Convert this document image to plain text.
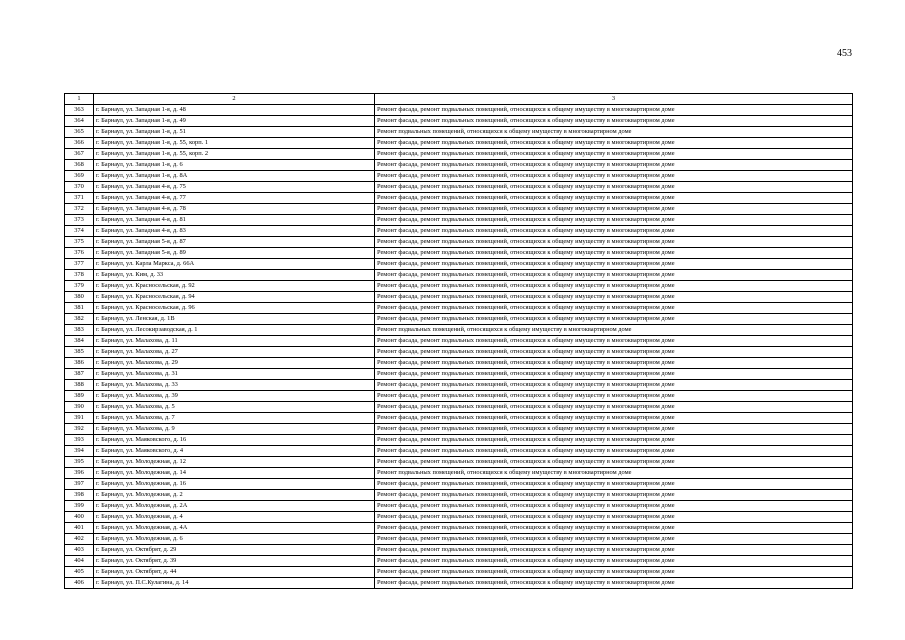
453
1	2	3
363	г. Барнаул, ул. Западная 1-я, д. 48	Ремонт фасада, ремонт подвальных помещений, относящихся к общему имуществу в многоквартирном доме
364	г. Барнаул, ул. Западная 1-я, д. 49	Ремонт фасада, ремонт подвальных помещений, относящихся к общему имуществу в многоквартирном доме
365	г. Барнаул, ул. Западная 1-я, д. 51	Ремонт подвальных помещений, относящихся к общему имуществу в многоквартирном доме
366	г. Барнаул, ул. Западная 1-я, д. 55, корп. 1	Ремонт фасада, ремонт подвальных помещений, относящихся к общему имуществу в многоквартирном доме
367	г. Барнаул, ул. Западная 1-я, д. 55, корп. 2	Ремонт фасада, ремонт подвальных помещений, относящихся к общему имуществу в многоквартирном доме
368	г. Барнаул, ул. Западная 1-я, д. 6	Ремонт фасада, ремонт подвальных помещений, относящихся к общему имуществу в многоквартирном доме
369	г. Барнаул, ул. Западная 1-я, д. 8А	Ремонт фасада, ремонт подвальных помещений, относящихся к общему имуществу в многоквартирном доме
370	г. Барнаул, ул. Западная 4-я, д. 75	Ремонт фасада, ремонт подвальных помещений, относящихся к общему имуществу в многоквартирном доме
371	г. Барнаул, ул. Западная 4-я, д. 77	Ремонт фасада, ремонт подвальных помещений, относящихся к общему имуществу в многоквартирном доме
372	г. Барнаул, ул. Западная 4-я, д. 78	Ремонт фасада, ремонт подвальных помещений, относящихся к общему имуществу в многоквартирном доме
373	г. Барнаул, ул. Западная 4-я, д. 81	Ремонт фасада, ремонт подвальных помещений, относящихся к общему имуществу в многоквартирном доме
374	г. Барнаул, ул. Западная 4-я, д. 83	Ремонт фасада, ремонт подвальных помещений, относящихся к общему имуществу в многоквартирном доме
375	г. Барнаул, ул. Западная 5-я, д. 87	Ремонт фасада, ремонт подвальных помещений, относящихся к общему имуществу в многоквартирном доме
376	г. Барнаул, ул. Западная 5-я, д. 89	Ремонт фасада, ремонт подвальных помещений, относящихся к общему имуществу в многоквартирном доме
377	г. Барнаул, ул. Карла Маркса, д. 66А	Ремонт фасада, ремонт подвальных помещений, относящихся к общему имуществу в многоквартирном доме
378	г. Барнаул, ул. Ким, д. 33	Ремонт фасада, ремонт подвальных помещений, относящихся к общему имуществу в многоквартирном доме
379	г. Барнаул, ул. Красносельская, д. 92	Ремонт фасада, ремонт подвальных помещений, относящихся к общему имуществу в многоквартирном доме
380	г. Барнаул, ул. Красносельская, д. 94	Ремонт фасада, ремонт подвальных помещений, относящихся к общему имуществу в многоквартирном доме
381	г. Барнаул, ул. Красносельская, д. 96	Ремонт фасада, ремонт подвальных помещений, относящихся к общему имуществу в многоквартирном доме
382	г. Барнаул, ул. Ленская, д. 1В	Ремонт фасада, ремонт подвальных помещений, относящихся к общему имуществу в многоквартирном доме
383	г. Барнаул, ул. Лесокирзаводская, д. 1	Ремонт подвальных помещений, относящихся к общему имуществу в многоквартирном доме
384	г. Барнаул, ул. Малахова, д. 11	Ремонт фасада, ремонт подвальных помещений, относящихся к общему имуществу в многоквартирном доме
385	г. Барнаул, ул. Малахова, д. 27	Ремонт фасада, ремонт подвальных помещений, относящихся к общему имуществу в многоквартирном доме
386	г. Барнаул, ул. Малахова, д. 29	Ремонт фасада, ремонт подвальных помещений, относящихся к общему имуществу в многоквартирном доме
387	г. Барнаул, ул. Малахова, д. 31	Ремонт фасада, ремонт подвальных помещений, относящихся к общему имуществу в многоквартирном доме
388	г. Барнаул, ул. Малахова, д. 33	Ремонт фасада, ремонт подвальных помещений, относящихся к общему имуществу в многоквартирном доме
389	г. Барнаул, ул. Малахова, д. 39	Ремонт фасада, ремонт подвальных помещений, относящихся к общему имуществу в многоквартирном доме
390	г. Барнаул, ул. Малахова, д. 5	Ремонт фасада, ремонт подвальных помещений, относящихся к общему имуществу в многоквартирном доме
391	г. Барнаул, ул. Малахова, д. 7	Ремонт фасада, ремонт подвальных помещений, относящихся к общему имуществу в многоквартирном доме
392	г. Барнаул, ул. Малахова, д. 9	Ремонт фасада, ремонт подвальных помещений, относящихся к общему имуществу в многоквартирном доме
393	г. Барнаул, ул. Маяковского, д. 16	Ремонт фасада, ремонт подвальных помещений, относящихся к общему имуществу в многоквартирном доме
394	г. Барнаул, ул. Маяковского, д. 4	Ремонт фасада, ремонт подвальных помещений, относящихся к общему имуществу в многоквартирном доме
395	г. Барнаул, ул. Молодежная, д. 12	Ремонт фасада, ремонт подвальных помещений, относящихся к общему имуществу в многоквартирном доме
396	г. Барнаул, ул. Молодежная, д. 14	Ремонт подвальных помещений, относящихся к общему имуществу в многоквартирном доме
397	г. Барнаул, ул. Молодежная, д. 16	Ремонт фасада, ремонт подвальных помещений, относящихся к общему имуществу в многоквартирном доме
398	г. Барнаул, ул. Молодежная, д. 2	Ремонт фасада, ремонт подвальных помещений, относящихся к общему имуществу в многоквартирном доме
399	г. Барнаул, ул. Молодежная, д. 2А	Ремонт фасада, ремонт подвальных помещений, относящихся к общему имуществу в многоквартирном доме
400	г. Барнаул, ул. Молодежная, д. 4	Ремонт фасада, ремонт подвальных помещений, относящихся к общему имуществу в многоквартирном доме
401	г. Барнаул, ул. Молодежная, д. 4А	Ремонт фасада, ремонт подвальных помещений, относящихся к общему имуществу в многоквартирном доме
402	г. Барнаул, ул. Молодежная, д. 6	Ремонт фасада, ремонт подвальных помещений, относящихся к общему имуществу в многоквартирном доме
403	г. Барнаул, ул. Октябрят, д. 29	Ремонт фасада, ремонт подвальных помещений, относящихся к общему имуществу в многоквартирном доме
404	г. Барнаул, ул. Октябрят, д. 39	Ремонт фасада, ремонт подвальных помещений, относящихся к общему имуществу в многоквартирном доме
405	г. Барнаул, ул. Октябрят, д. 44	Ремонт фасада, ремонт подвальных помещений, относящихся к общему имуществу в многоквартирном доме
406	г. Барнаул, ул. П.С.Кулагина, д. 14	Ремонт фасада, ремонт подвальных помещений, относящихся к общему имуществу в многоквартирном доме
